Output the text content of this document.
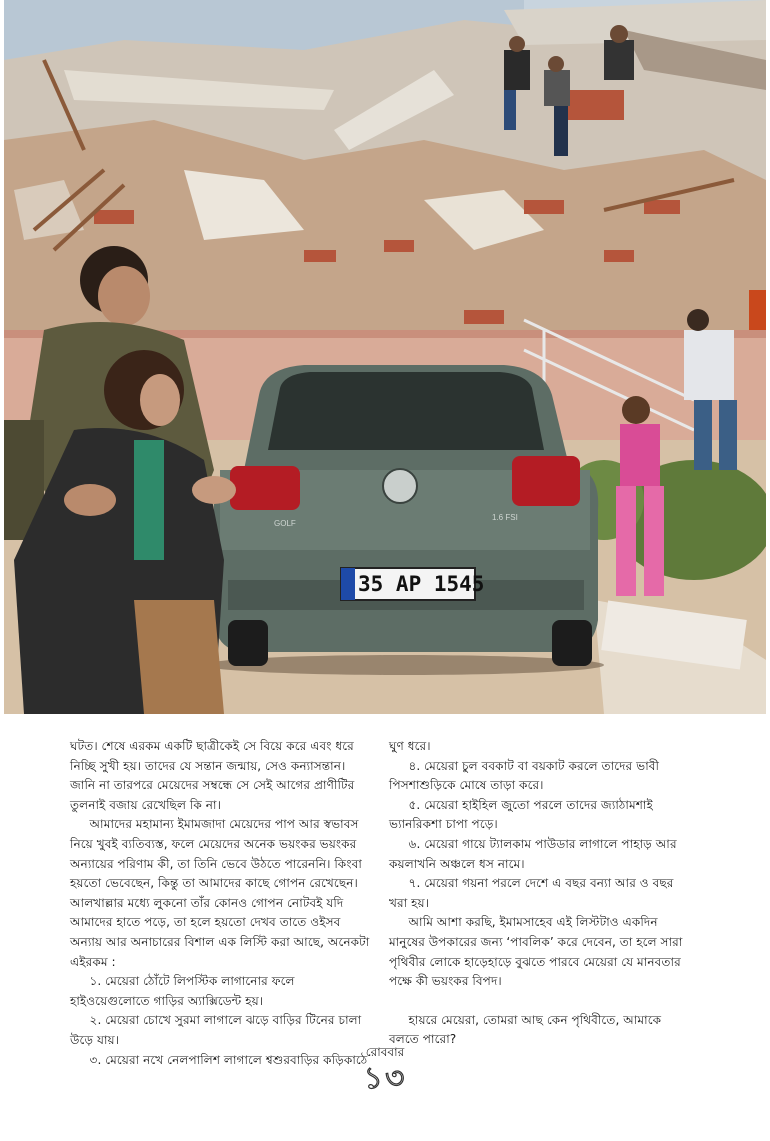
35 AP 1545
GOLF
1.6 FSI

ঘটত। শেষে এরকম একটি ছাত্রীকেই সে বিয়ে করে এবং ধরে নিচ্ছি সুখী হয়। তাদের যে সন্তান জন্মায়, সেও কন্যাসন্তান। জানি না তারপরে মেয়েদের সম্বন্ধে সে সেই আগের প্রাণীটির তুলনাই বজায় রেখেছিল কি না।

আমাদের মহামান্য ইমামজাদা মেয়েদের পাপ আর স্বভাবস নিয়ে খুবই ব্যতিব্যস্ত, ফলে মেয়েদের অনেক ভয়ংকর ভয়ংকর অন্যায়ের পরিণাম কী, তা তিনি ভেবে উঠতে পারেননি। কিংবা হয়তো ভেবেছেন, কিন্তু তা আমাদের কাছে গোপন রেখেছেন। আলখাল্লার মধ্যে লুকনো তাঁর কোনও গোপন নোটবই যদি আমাদের হাতে পড়ে, তা হলে হয়তো দেখব তাতে ওইসব অন্যায় আর অনাচারের বিশাল এক লিস্টি করা আছে, অনেকটা এইরকম :

১. মেয়েরা ঠোঁটে লিপস্টিক লাগানোর ফলে হাইওয়েগুলোতে গাড়ির অ্যাক্সিডেন্ট হয়।

২. মেয়েরা চোখে সুরমা লাগালে ঝড়ে বাড়ির টিনের চালা উড়ে যায়।

৩. মেয়েরা নখে নেলপালিশ লাগালে শ্বশুরবাড়ির কড়িকাঠে

ঘুণ ধরে।

৪. মেয়েরা চুল ববকাট বা বয়কাট করলে তাদের ভাবী পিসশাশুড়িকে মোষে তাড়া করে।

৫. মেয়েরা হাইহিল জুতো পরলে তাদের জ্যাঠামশাই ভ্যানরিকশা চাপা পড়ে।

৬. মেয়েরা গায়ে ট্যালকাম পাউডার লাগালে পাহাড় আর কয়লাখনি অঞ্চলে ধস নামে।

৭. মেয়েরা গয়না পরলে দেশে এ বছর বন্যা আর ও বছর খরা হয়।

আমি আশা করছি, ইমামসাহেব এই লিস্টটাও একদিন মানুষের উপকারের জন্য ‘পাবলিক’ করে দেবেন, তা হলে সারা পৃথিবীর লোকে হাড়েহাড়ে বুঝতে পারবে মেয়েরা যে মানবতার পক্ষে কী ভয়ংকর বিপদ।

হায়রে মেয়েরা, তোমরা আছ কেন পৃথিবীতে, আমাকে বলতে পারো?

রোববার
১৩
